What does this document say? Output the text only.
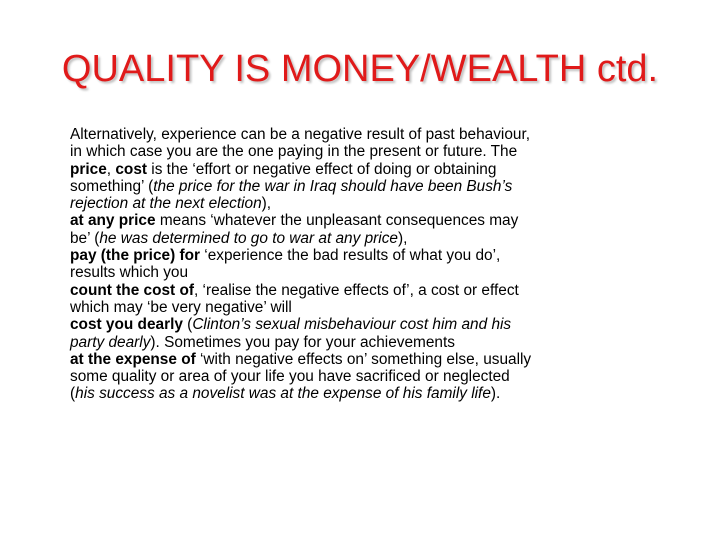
QUALITY IS MONEY/WEALTH ctd.
Alternatively, experience can be a negative result of past behaviour,
in which case you are the one paying in the present or future. The
price, cost is the ‘effort or negative effect of doing or obtaining
something’ (the price for the war in Iraq should have been Bush’s
rejection at the next election),
at any price means ‘whatever the unpleasant consequences may
be’ (he was determined to go to war at any price),
pay (the price) for ‘experience the bad results of what you do’,
results which you
count the cost of, ‘realise the negative effects of’, a cost or effect
which may ‘be very negative’ will
cost you dearly (Clinton’s sexual misbehaviour cost him and his
party dearly). Sometimes you pay for your achievements
at the expense of ‘with negative effects on’ something else, usually
some quality or area of your life you have sacrificed or neglected
(his success as a novelist was at the expense of his family life).
